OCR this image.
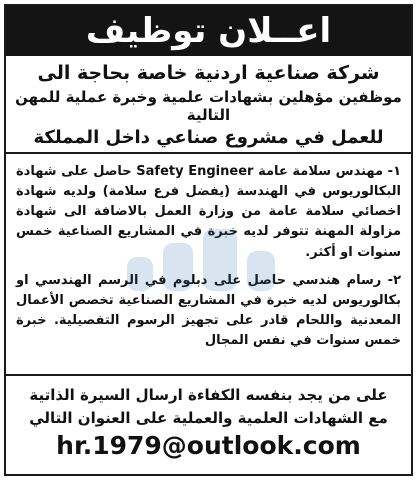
اعــلان توظيف
شركة صناعية اردنية خاصة بحاجة الى
موظفين مؤهلين بشهادات علمية وخبرة عملية للمهن التالية
للعمل في مشروع صناعي داخل المملكة

١- مهندس سلامة عامة Safety Engineer حاصل على شهادة البكالوريوس في الهندسة (يفضل فرع سلامة) ولديه شهادة اخصائي سلامة عامة من وزارة العمل بالاضافة الى شهادة مزاولة المهنة تتوفر لديه خبرة في المشاريع الصناعية خمس سنوات او أكثر.

٢- رسام هندسي حاصل على دبلوم في الرسم الهندسي او بكالوريوس لديه خبرة في المشاريع الصناعية تخصص الأعمال المعدنية واللحام قادر على تجهيز الرسوم التفصيلية. خبرة خمس سنوات في نفس المجال

على من يجد بنفسه الكفاءة ارسال السيرة الذاتية
مع الشهادات العلمية والعملية على العنوان التالي
hr.1979@outlook.com
